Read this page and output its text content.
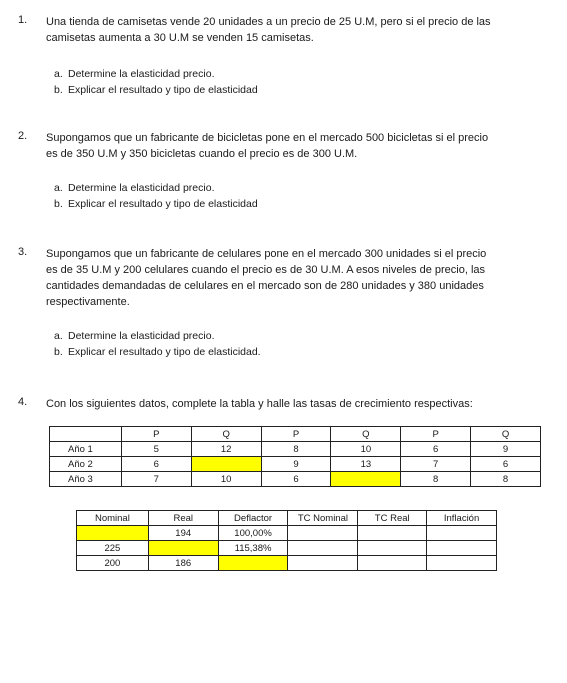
1. Una tienda de camisetas vende 20 unidades a un precio de 25 U.M, pero si el precio de las
camisetas aumenta a 30 U.M se venden 15 camisetas.
a. Determine la elasticidad precio.
b. Explicar el resultado y tipo de elasticidad
2. Supongamos que un fabricante de bicicletas pone en el mercado 500 bicicletas si el precio
es de 350 U.M y 350 bicicletas cuando el precio es de 300 U.M.
a. Determine la elasticidad precio.
b. Explicar el resultado y tipo de elasticidad
3. Supongamos que un fabricante de celulares pone en el mercado 300 unidades si el precio
es de 35 U.M y 200 celulares cuando el precio es de 30 U.M. A esos niveles de precio, las
cantidades demandadas de celulares en el mercado son de 280 unidades y 380 unidades
respectivamente.
a. Determine la elasticidad precio.
b. Explicar el resultado y tipo de elasticidad.
4. Con los siguientes datos, complete la tabla y halle las tasas de crecimiento respectivas:
	P	Q	P	Q	P	Q
Año 1	5	12	8	10	6	9
Año 2	6		9	13	7	6
Año 3	7	10	6		8	8
Nominal	Real	Deflactor	TC Nominal	TC Real	Inflación
	194	100,00%			
225		115,38%			
200	186				
